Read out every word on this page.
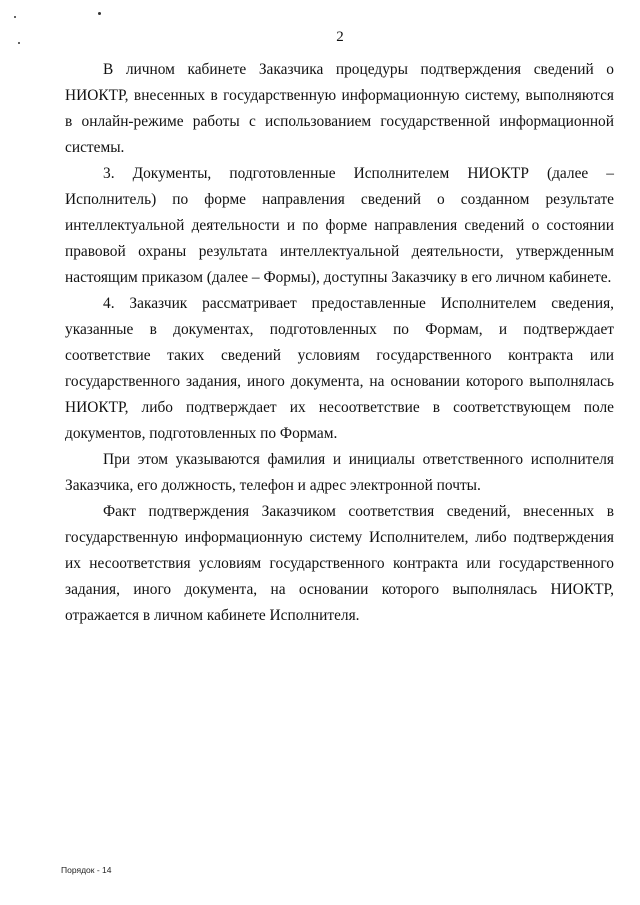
2

В личном кабинете Заказчика процедуры подтверждения сведений о НИОКТР, внесенных в государственную информационную систему, выполняются в онлайн-режиме работы с использованием государственной информационной системы.

3. Документы, подготовленные Исполнителем НИОКТР (далее – Исполнитель) по форме направления сведений о созданном результате интеллектуальной деятельности и по форме направления сведений о состоянии правовой охраны результата интеллектуальной деятельности, утвержденным настоящим приказом (далее – Формы), доступны Заказчику в его личном кабинете.

4. Заказчик рассматривает предоставленные Исполнителем сведения, указанные в документах, подготовленных по Формам, и подтверждает соответствие таких сведений условиям государственного контракта или государственного задания, иного документа, на основании которого выполнялась НИОКТР, либо подтверждает их несоответствие в соответствующем поле документов, подготовленных по Формам.

При этом указываются фамилия и инициалы ответственного исполнителя Заказчика, его должность, телефон и адрес электронной почты.

Факт подтверждения Заказчиком соответствия сведений, внесенных в государственную информационную систему Исполнителем, либо подтверждения их несоответствия условиям государственного контракта или государственного задания, иного документа, на основании которого выполнялась НИОКТР, отражается в личном кабинете Исполнителя.

Порядок - 14
